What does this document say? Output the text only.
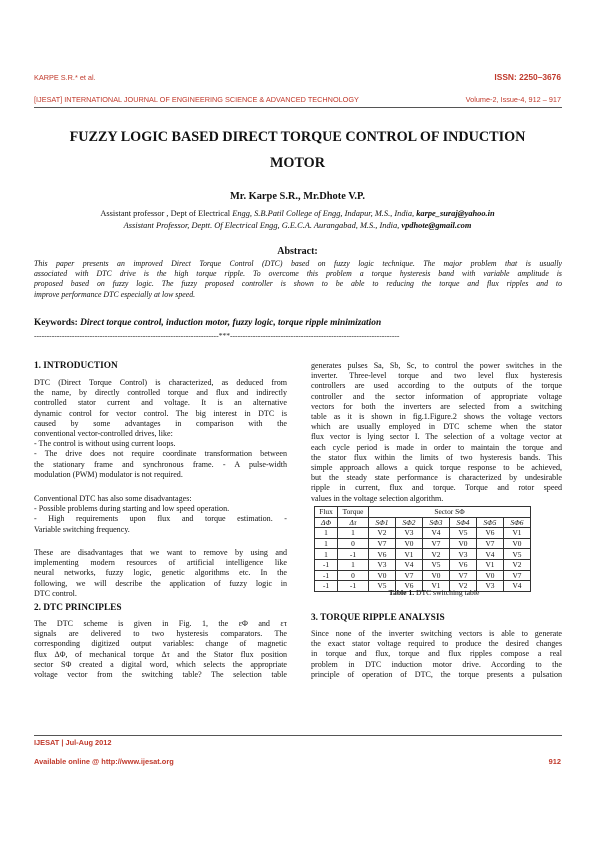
KARPE S.R.* et al.	ISSN: 2250–3676
[IJESAT] INTERNATIONAL JOURNAL OF ENGINEERING SCIENCE & ADVANCED TECHNOLOGY	Volume-2, Issue-4, 912 – 917
FUZZY LOGIC BASED DIRECT TORQUE CONTROL OF INDUCTION
MOTOR
Mr. Karpe S.R., Mr.Dhote V.P.
Assistant professor , Dept of Electrical Engg, S.B.Patil College of Engg, Indapur, M.S., India, karpe_suraj@yahoo.in
Assistant Professor, Deptt. Of Electrical Engg, G.E.C.A. Aurangabad, M.S., India, vpdhote@gmail.com
Abstract:
This paper presents an improved Direct Torque Control (DTC) based on fuzzy logic technique. The major problem that is usually
associated with DTC drive is the high torque ripple. To overcome this problem a torque hysteresis band with variable amplitude is
proposed based on fuzzy logic. The fuzzy proposed controller is shown to be able to reducing the torque and flux ripples and to
improve performance DTC especially at low speed.
Keywords: Direct torque control, induction motor, fuzzy logic, torque ripple minimization
-------------------------------------------------------------------------***-------------------------------------------------------------------
1. INTRODUCTION
DTC (Direct Torque Control) is characterized, as deduced from
the name, by directly controlled torque and flux and indirectly
controlled stator current and voltage. It is an alternative
dynamic control for vector control. The big interest in DTC is
caused by some advantages in comparison with the
conventional vector-controlled drives, like:
- The control is without using current loops.
- The drive does not require coordinate transformation between
the stationary frame and synchronous frame. - A pulse-width
modulation (PWM) modulator is not required.
Conventional DTC has also some disadvantages:
- Possible problems during starting and low speed operation.
- High requirements upon flux and torque estimation. -
Variable switching frequency.
These are disadvantages that we want to remove by using and
implementing modern resources of artificial intelligence like
neural networks, fuzzy logic, genetic algorithms etc. In the
following, we will describe the application of fuzzy logic in
DTC control.
2. DTC PRINCIPLES
The DTC scheme is given in Fig. 1, the εΦ and ετ
signals are delivered to two hysteresis comparators. The
corresponding digitized output variables: change of magnetic
flux ΔΦ, of mechanical torque Δτ and the Stator flux position
sector SΦ created a digital word, which selects the appropriate
voltage vector from the switching table? The selection table
generates pulses Sa, Sb, Sc, to control the power switches in the
inverter. Three-level torque and two level flux hysteresis
controllers are used according to the outputs of the torque
controller and the sector information of appropriate voltage
vectors for both the inverters are selected from a switching
table as it is shown in fig.1.Figure.2 shows the voltage vectors
which are usually employed in DTC scheme when the stator
flux vector is lying sector I. The selection of a voltage vector at
each cycle period is made in order to maintain the torque and
the stator flux within the limits of two hysteresis bands. This
simple approach allows a quick torque response to be achieved,
but the steady state performance is characterized by undesirable
ripple in current, flux and torque. Torque and rotor speed
values in the voltage selection algorithm.
Flux	Torque	Sector SΦ					
ΔΦ	Δτ	SΦ1	SΦ2	SΦ3	SΦ4	SΦ5	SΦ6
1	1	V2	V3	V4	V5	V6	V1
1	0	V7	V0	V7	V0	V7	V0
1	-1	V6	V1	V2	V3	V4	V5
-1	1	V3	V4	V5	V6	V1	V2
-1	0	V0	V7	V0	V7	V0	V7
-1	-1	V5	V6	V1	V2	V3	V4
Table 1. DTC switching table
3. TORQUE RIPPLE ANALYSIS
Since none of the inverter switching vectors is able to generate
the exact stator voltage required to produce the desired changes
in torque and flux, torque and flux ripples compose a real
problem in DTC induction motor drive. According to the
principle of operation of DTC, the torque presents a pulsation
IJESAT | Jul-Aug 2012
Available online @ http://www.ijesat.org	912
